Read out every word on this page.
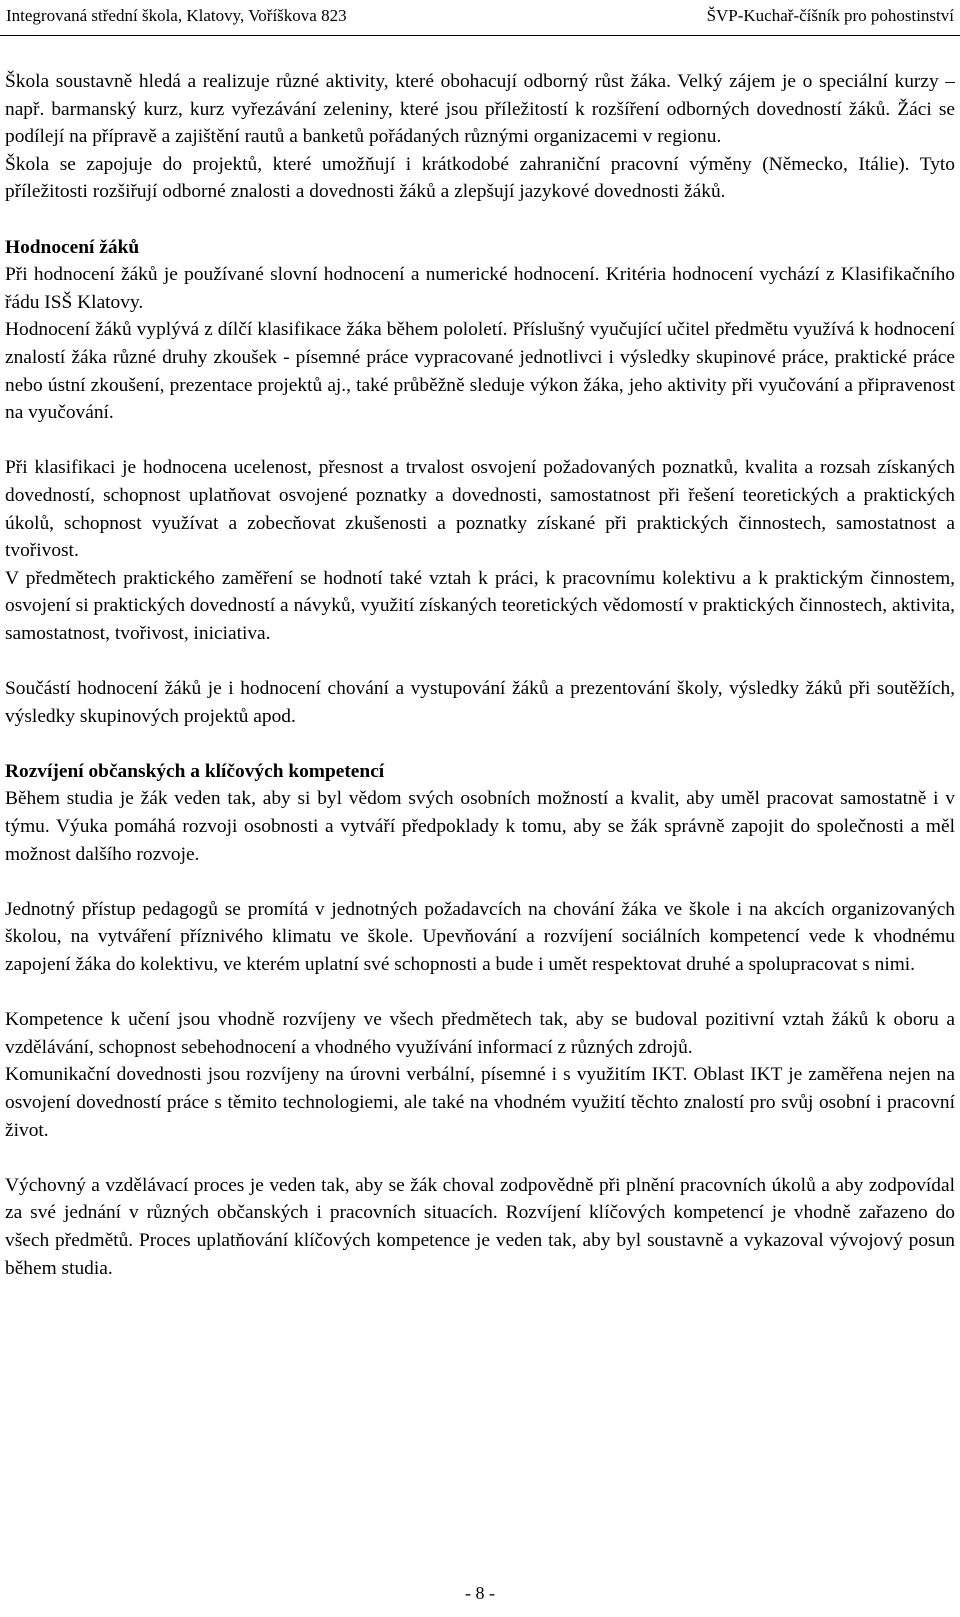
Integrovaná střední škola, Klatovy, Voříškova 823	ŠVP-Kuchař-číšník pro pohostinství

Škola soustavně hledá a realizuje různé aktivity, které obohacují odborný růst žáka. Velký zájem je o speciální kurzy – např. barmanský kurz, kurz vyřezávání zeleniny, které jsou příležitostí k rozšíření odborných dovedností žáků. Žáci se podílejí na přípravě a zajištění rautů a banketů pořádaných různými organizacemi v regionu.

Škola se zapojuje do projektů, které umožňují i krátkodobé zahraniční pracovní výměny (Německo, Itálie). Tyto příležitosti rozšiřují odborné znalosti a dovednosti žáků a zlepšují jazykové dovednosti žáků.

Hodnocení žáků

Při hodnocení žáků je používané slovní hodnocení a numerické hodnocení. Kritéria hodnocení vychází z Klasifikačního řádu ISŠ Klatovy.

Hodnocení žáků vyplývá z dílčí klasifikace žáka během pololetí. Příslušný vyučující učitel předmětu využívá k hodnocení znalostí žáka různé druhy zkoušek - písemné práce vypracované jednotlivci i výsledky skupinové práce, praktické práce nebo ústní zkoušení, prezentace projektů aj., také průběžně sleduje výkon žáka, jeho aktivity při vyučování a připravenost na vyučování.

Při klasifikaci je hodnocena ucelenost, přesnost a trvalost osvojení požadovaných poznatků, kvalita a rozsah získaných dovedností, schopnost uplatňovat osvojené poznatky a dovednosti, samostatnost při řešení teoretických a praktických úkolů, schopnost využívat a zobecňovat zkušenosti a poznatky získané při praktických činnostech, samostatnost a tvořivost.

V předmětech praktického zaměření se hodnotí také vztah k práci, k pracovnímu kolektivu a k praktickým činnostem, osvojení si praktických dovedností a návyků, využití získaných teoretických vědomostí v praktických činnostech, aktivita, samostatnost, tvořivost, iniciativa.

Součástí hodnocení žáků je i hodnocení chování a vystupování žáků a prezentování školy, výsledky žáků při soutěžích, výsledky skupinových projektů apod.

Rozvíjení občanských a klíčových kompetencí

Během studia je žák veden tak, aby si byl vědom svých osobních možností a kvalit, aby uměl pracovat samostatně i v týmu. Výuka pomáhá rozvoji osobnosti a vytváří předpoklady k tomu, aby se žák správně zapojit do společnosti a měl možnost dalšího rozvoje.

Jednotný přístup pedagogů se promítá v jednotných požadavcích na chování žáka ve škole i na akcích organizovaných školou, na vytváření příznivého klimatu ve škole. Upevňování a rozvíjení sociálních kompetencí vede k vhodnému zapojení žáka do kolektivu, ve kterém uplatní své schopnosti a bude i umět respektovat druhé a spolupracovat s nimi.

Kompetence k učení jsou vhodně rozvíjeny ve všech předmětech tak, aby se budoval pozitivní vztah žáků k oboru a vzdělávání, schopnost sebehodnocení a vhodného využívání informací z různých zdrojů.

Komunikační dovednosti jsou rozvíjeny na úrovni verbální, písemné i s využitím IKT. Oblast IKT je zaměřena nejen na osvojení dovedností práce s těmito technologiemi, ale také na vhodném využití těchto znalostí pro svůj osobní i pracovní život.

Výchovný a vzdělávací proces je veden tak, aby se žák choval zodpovědně při plnění pracovních úkolů a aby zodpovídal za své jednání v různých občanských i pracovních situacích. Rozvíjení klíčových kompetencí je vhodně zařazeno do všech předmětů. Proces uplatňování klíčových kompetence je veden tak, aby byl soustavně a vykazoval vývojový posun během studia.

- 8 -
